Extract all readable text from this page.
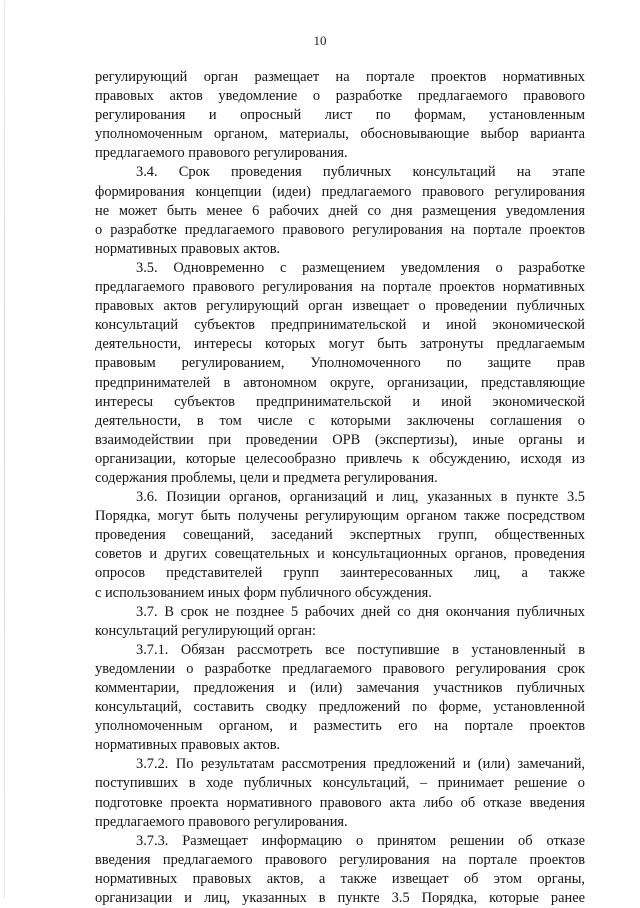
10
регулирующий орган размещает на портале проектов нормативных
правовых актов уведомление о разработке предлагаемого правового
регулирования и опросный лист по формам, установленным
уполномоченным органом, материалы, обосновывающие выбор варианта
предлагаемого правового регулирования.
3.4. Срок проведения публичных консультаций на этапе
формирования концепции (идеи) предлагаемого правового регулирования
не может быть менее 6 рабочих дней со дня размещения уведомления
о разработке предлагаемого правового регулирования на портале проектов
нормативных правовых актов.
3.5. Одновременно с размещением уведомления о разработке
предлагаемого правового регулирования на портале проектов нормативных
правовых актов регулирующий орган извещает о проведении публичных
консультаций субъектов предпринимательской и иной экономической
деятельности, интересы которых могут быть затронуты предлагаемым
правовым регулированием, Уполномоченного по защите прав
предпринимателей в автономном округе, организации, представляющие
интересы субъектов предпринимательской и иной экономической
деятельности, в том числе с которыми заключены соглашения о
взаимодействии при проведении ОРВ (экспертизы), иные органы и
организации, которые целесообразно привлечь к обсуждению, исходя из
содержания проблемы, цели и предмета регулирования.
3.6. Позиции органов, организаций и лиц, указанных в пункте 3.5
Порядка, могут быть получены регулирующим органом также посредством
проведения совещаний, заседаний экспертных групп, общественных
советов и других совещательных и консультационных органов, проведения
опросов представителей групп заинтересованных лиц, а также
с использованием иных форм публичного обсуждения.
3.7. В срок не позднее 5 рабочих дней со дня окончания публичных
консультаций регулирующий орган:
3.7.1. Обязан рассмотреть все поступившие в установленный в
уведомлении о разработке предлагаемого правового регулирования срок
комментарии, предложения и (или) замечания участников публичных
консультаций, составить сводку предложений по форме, установленной
уполномоченным органом, и разместить его на портале проектов
нормативных правовых актов.
3.7.2. По результатам рассмотрения предложений и (или) замечаний,
поступивших в ходе публичных консультаций, – принимает решение о
подготовке проекта нормативного правового акта либо об отказе введения
предлагаемого правового регулирования.
3.7.3. Размещает информацию о принятом решении об отказе
введения предлагаемого правового регулирования на портале проектов
нормативных правовых актов, а также извещает об этом органы,
организации и лиц, указанных в пункте 3.5 Порядка, которые ранее
